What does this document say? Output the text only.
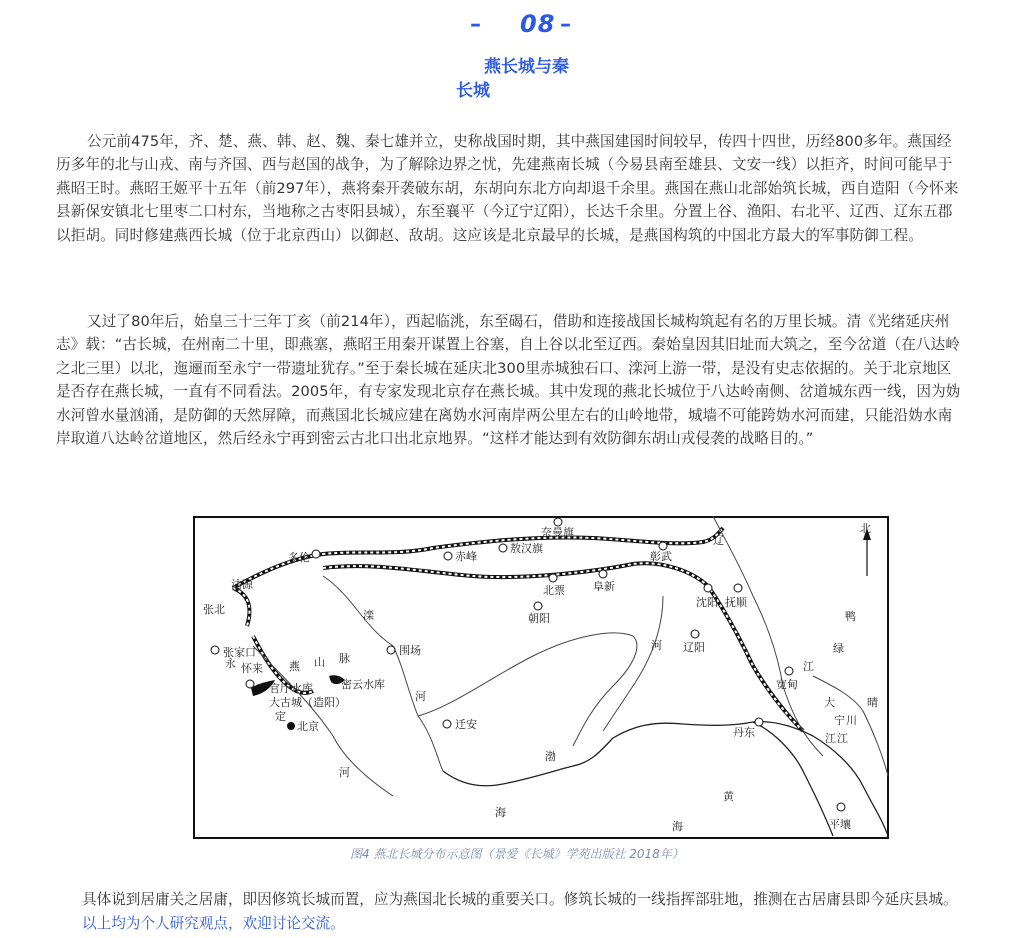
– 08 –
燕长城与秦
长城

公元前475年，齐、楚、燕、韩、赵、魏、秦七雄并立，史称战国时期，其中燕国建国时间较早，传四十四世，历经800多年。燕国经历多年的北与山戎、南与齐国、西与赵国的战争，为了解除边界之忧，先建燕南长城（今易县南至雄县、文安一线）以拒齐，时间可能早于燕昭王时。燕昭王姬平十五年（前297年），燕将秦开袭破东胡，东胡向东北方向却退千余里。燕国在燕山北部始筑长城，西自造阳（今怀来县新保安镇北七里枣二口村东，当地称之古枣阳县城），东至襄平（今辽宁辽阳），长达千余里。分置上谷、渔阳、右北平、辽西、辽东五郡以拒胡。同时修建燕西长城（位于北京西山）以御赵、敌胡。这应该是北京最早的长城，是燕国构筑的中国北方最大的军事防御工程。

又过了80年后，始皇三十三年丁亥（前214年），西起临洮，东至碣石，借助和连接战国长城构筑起有名的万里长城。清《光绪延庆州志》载：“古长城，在州南二十里，即燕塞，燕昭王用秦开谋置上谷塞，自上谷以北至辽西。秦始皇因其旧址而大筑之，至今岔道（在八达岭之北三里）以北，迤逦而至永宁一带遗址犹存。”至于秦长城在延庆北300里赤城独石口、滦河上游一带，是没有史志依据的。关于北京地区是否存在燕长城，一直有不同看法。2005年，有专家发现北京存在燕长城。其中发现的燕北长城位于八达岭南侧、岔道城东西一线，因为妫水河曾水量汹涌，是防御的天然屏障，而燕国北长城应建在离妫水河南岸两公里左右的山岭地带，城墙不可能跨妫水河而建，只能沿妫水南岸取道八达岭岔道地区，然后经永宁再到密云古北口出北京地界。“这样才能达到有效防御东胡山戎侵袭的战略目的。”

北
奈曼旗
多伦	赤峰
敖汉旗
彰武
辽
沽源	北票	阜新
张北	滦	朝阳
沈阳 抚顺
围场
鸭
张家口
怀来 燕 山 脉
河 辽阳	绿
永
官厅水库	密云水库	宽甸
江
大古城（造阳）	河	大	晴
定
北京	迁安
丹东
宁 川
江 江
河
渤
黄
海
海	平壤
图4 燕北长城分布示意图（景爱《长城》学苑出版社 2018年）
具体说到居庸关之居庸，即因修筑长城而置，应为燕国北长城的重要关口。修筑长城的一线指挥部驻地，推测在古居庸县即今延庆县城。
以上均为个人研究观点，欢迎讨论交流。
